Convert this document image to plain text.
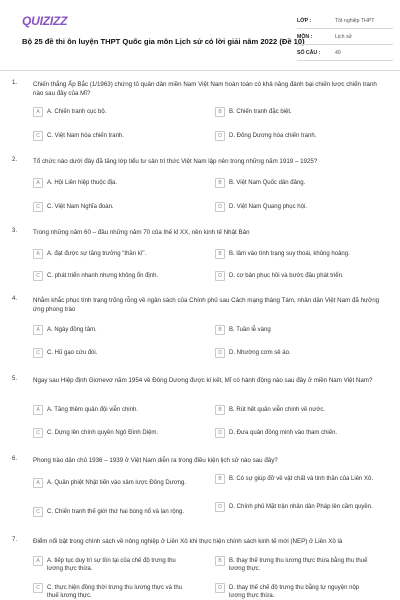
QUIZIZZ
Bộ 25 đề thi ôn luyện THPT Quốc gia môn Lịch sử có lời giải năm 2022 (Đề 10)
LỚP :	Tốt nghiệp THPT
MÔN :	Lịch sử
SỐ CÂU :	40
1.	Chiến thắng Ấp Bắc (1/1963) chứng tỏ quân dân miền Nam Việt Nam hoàn toàn có khả năng đánh bại chiến lược chiến tranh nào sau đây của Mĩ?
A	A. Chiến tranh cục bộ.	B	B. Chiến tranh đặc biệt.
C	C. Việt Nam hóa chiến tranh.	D	D. Đông Dương hóa chiến tranh.
2.	Tổ chức nào dưới đây đã tăng lớp tiểu tư sản trí thức Việt Nam lập nên trong những năm 1919 – 1925?
A	A. Hội Liên hiệp thuộc địa.	B	B. Việt Nam Quốc dân đảng.
C	C. Việt Nam Nghĩa đoàn.	D	D. Việt Nam Quang phục hội.
3.	Trong những năm 60 – đầu những năm 70 của thế kỉ XX, nền kinh tế Nhật Bản
A	A. đạt được sự tăng trưởng "thần kì".	B	B. lâm vào tình trạng suy thoái, khủng hoảng.
C	C. phát triển nhanh nhưng không ổn định.	D	D. cơ bản phục hồi và bước đầu phát triển.
4.	Nhằm khắc phục tình trạng trống rỗng về ngân sách của Chính phủ sau Cách mạng tháng Tám, nhân dân Việt Nam đã hưởng ứng phong trào
A	A. Ngày đồng tâm.	B	B. Tuần lễ vàng
C	C. Hũ gạo cứu đói.	D	D. Nhường cơm sẻ áo.
5.	Ngay sau Hiệp định Giơnevơ năm 1954 về Đông Dương được kí kết, Mĩ có hành động nào sau đây ở miền Nam Việt Nam?
A	A. Tăng thêm quân đội viễn chinh.	B	B. Rút hết quân viễn chinh về nước.
C	C. Dựng lên chính quyền Ngô Đình Diệm.	D	D. Đưa quân đồng minh vào tham chiến.
6.	Phong trào dân chủ 1936 – 1939 ở Việt Nam diễn ra trong điều kiện lịch sử nào sau đây?
A	A. Quân phiệt Nhật tiến vào xâm lược Đông Dương.
B	B. Có sự giúp đỡ về vật chất và tinh thần của Liên Xô.
C	C. Chiến tranh thế giới thứ hai bùng nổ và lan rộng.
D	D. Chính phủ Mặt trận nhân dân Pháp lên cầm quyền.
7.	Điểm nổi bật trong chính sách về nông nghiệp ở Liên Xô khi thực hiện chính sách kinh tế mới (NEP) ở Liên Xô là
A	A. tiếp tục duy trì sự tồn tại của chế độ trưng thu lương thực thừa.
B	B. thay thế trưng thu lương thực thừa bằng thu thuế lương thực.
C	C. thực hiện đồng thời trưng thu lương thực và thu thuế lương thực.
D	D. thay thế chế độ trưng thu bằng tự nguyện nộp lương thực thừa.
